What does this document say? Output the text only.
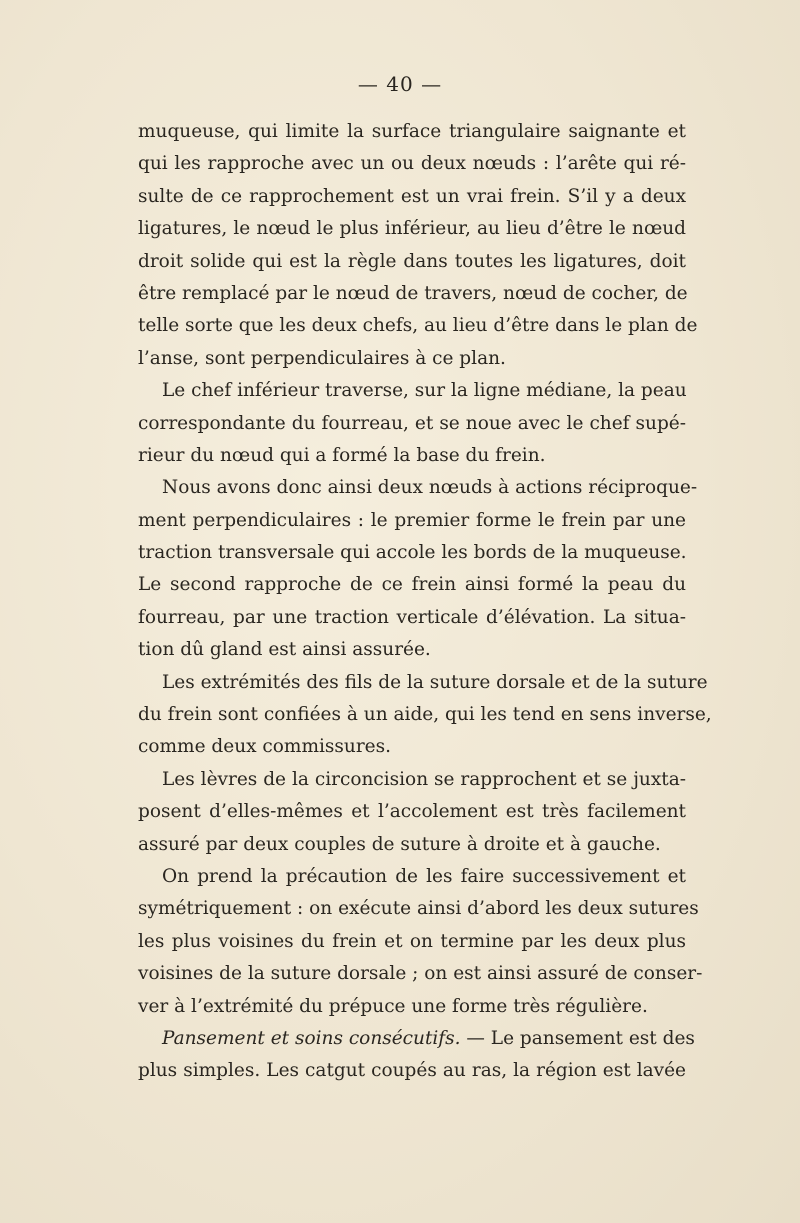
— 40 —
muqueuse, qui limite la surface triangulaire saignante et
qui les rapproche avec un ou deux nœuds : l’arête qui ré-
sulte de ce rapprochement est un vrai frein. S’il y a deux
ligatures, le nœud le plus inférieur, au lieu d’être le nœud
droit solide qui est la règle dans toutes les ligatures, doit
être remplacé par le nœud de travers, nœud de cocher, de
telle sorte que les deux chefs, au lieu d’être dans le plan de
l’anse, sont perpendiculaires à ce plan.
Le chef inférieur traverse, sur la ligne médiane, la peau
correspondante du fourreau, et se noue avec le chef supé-
rieur du nœud qui a formé la base du frein.
Nous avons donc ainsi deux nœuds à actions réciproque-
ment perpendiculaires : le premier forme le frein par une
traction transversale qui accole les bords de la muqueuse.
Le second rapproche de ce frein ainsi formé la peau du
fourreau, par une traction verticale d’élévation. La situa-
tion dû gland est ainsi assurée.
Les extrémités des fils de la suture dorsale et de la suture
du frein sont confiées à un aide, qui les tend en sens inverse,
comme deux commissures.
Les lèvres de la circoncision se rapprochent et se juxta-
posent d’elles-mêmes et l’accolement est très facilement
assuré par deux couples de suture à droite et à gauche.
On prend la précaution de les faire successivement et
symétriquement : on exécute ainsi d’abord les deux sutures
les plus voisines du frein et on termine par les deux plus
voisines de la suture dorsale ; on est ainsi assuré de conser-
ver à l’extrémité du prépuce une forme très régulière.
Pansement et soins consécutifs. — Le pansement est des
plus simples. Les catgut coupés au ras, la région est lavée
